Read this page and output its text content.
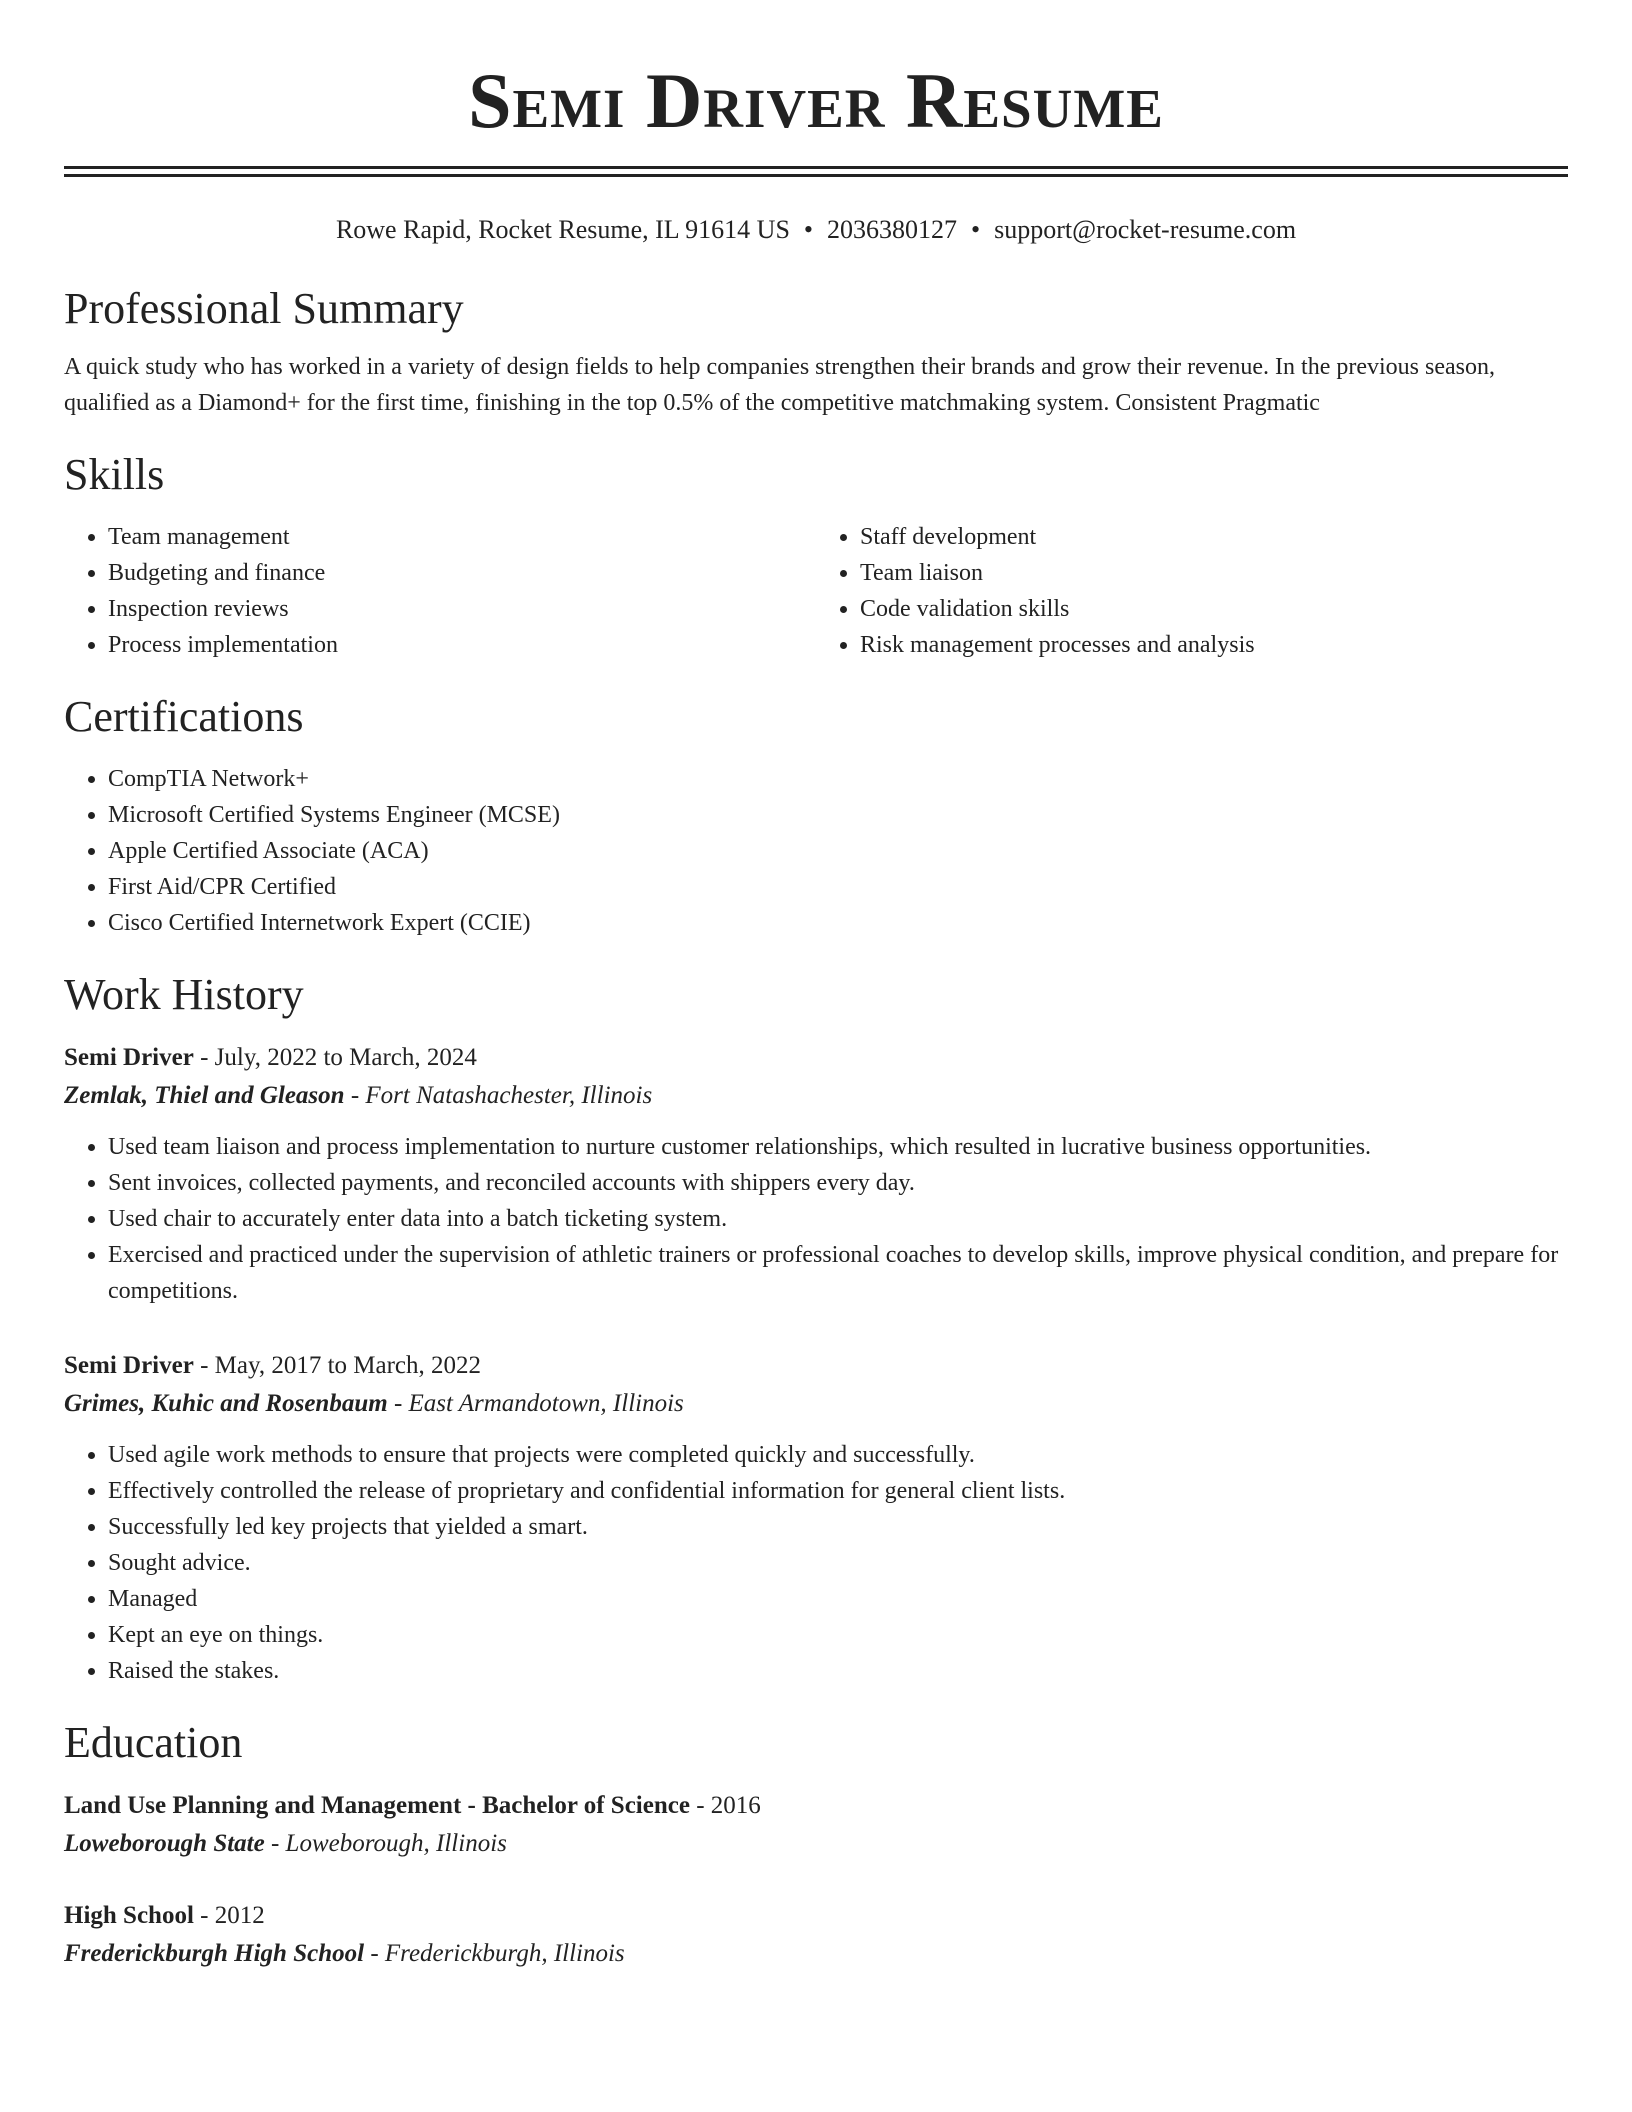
Semi Driver Resume
Rowe Rapid, Rocket Resume, IL 91614 US • 2036380127 • support@rocket-resume.com
Professional Summary

A quick study who has worked in a variety of design fields to help companies strengthen their brands and grow their revenue. In the previous season, qualified as a Diamond+ for the first time, finishing in the top 0.5% of the competitive matchmaking system. Consistent Pragmatic

Skills
• Team management
• Budgeting and finance
• Inspection reviews
• Process implementation
• Staff development
• Team liaison
• Code validation skills
• Risk management processes and analysis
Certifications
• CompTIA Network+
• Microsoft Certified Systems Engineer (MCSE)
• Apple Certified Associate (ACA)
• First Aid/CPR Certified
• Cisco Certified Internetwork Expert (CCIE)
Work History
Semi Driver - July, 2022 to March, 2024
Zemlak, Thiel and Gleason - Fort Natashachester, Illinois
• Used team liaison and process implementation to nurture customer relationships, which resulted in lucrative business opportunities.
• Sent invoices, collected payments, and reconciled accounts with shippers every day.
• Used chair to accurately enter data into a batch ticketing system.
• Exercised and practiced under the supervision of athletic trainers or professional coaches to develop skills, improve physical condition, and prepare for competitions.
Semi Driver - May, 2017 to March, 2022
Grimes, Kuhic and Rosenbaum - East Armandotown, Illinois
• Used agile work methods to ensure that projects were completed quickly and successfully.
• Effectively controlled the release of proprietary and confidential information for general client lists.
• Successfully led key projects that yielded a smart.
• Sought advice.
• Managed
• Kept an eye on things.
• Raised the stakes.
Education
Land Use Planning and Management - Bachelor of Science - 2016
Loweborough State - Loweborough, Illinois
High School - 2012
Frederickburgh High School - Frederickburgh, Illinois
